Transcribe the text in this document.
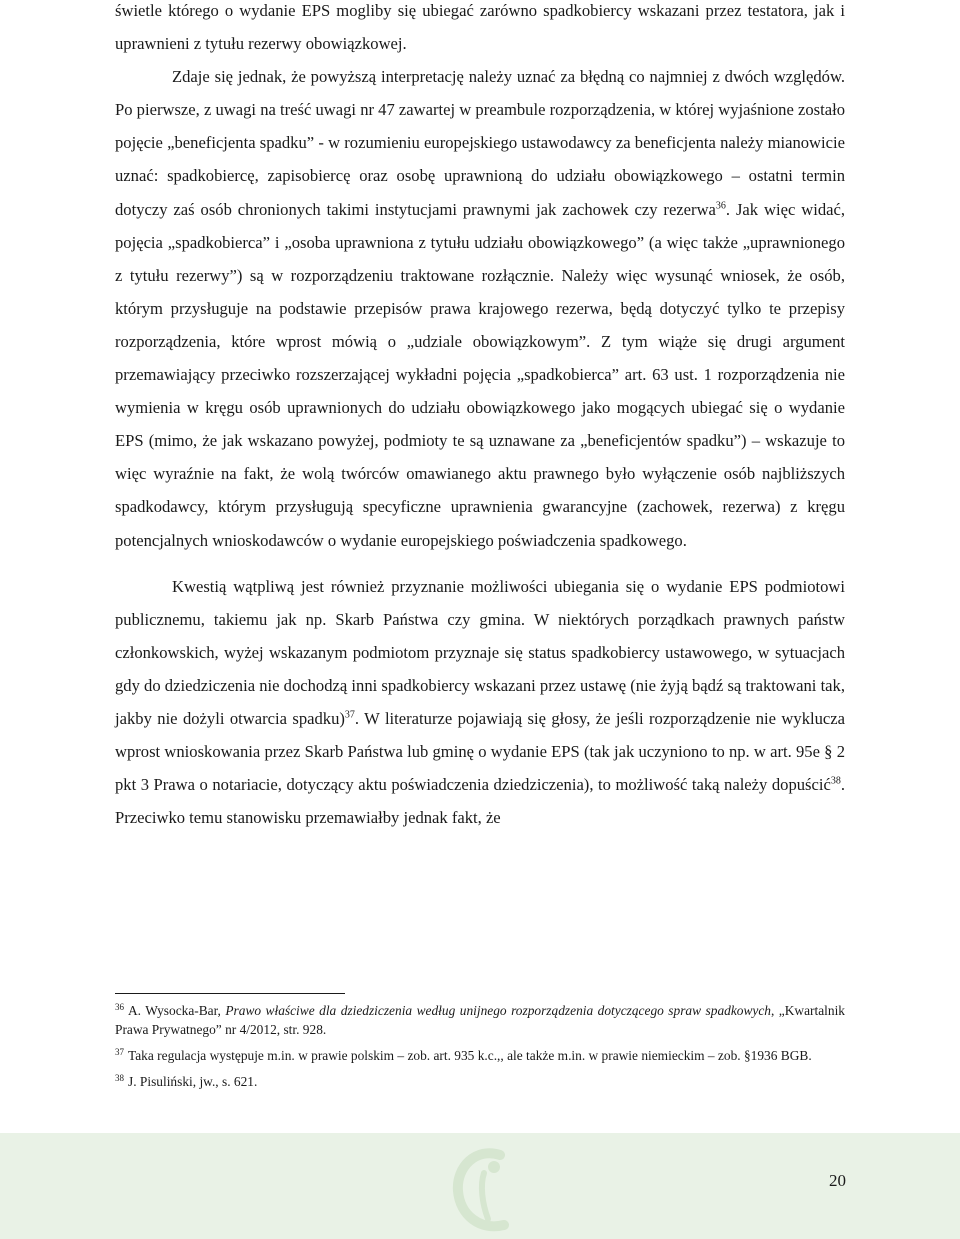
świetle którego o wydanie EPS mogliby się ubiegać zarówno spadkobiercy wskazani przez testatora, jak i uprawnieni z tytułu rezerwy obowiązkowej.

Zdaje się jednak, że powyższą interpretację należy uznać za błędną co najmniej z dwóch względów. Po pierwsze, z uwagi na treść uwagi nr 47 zawartej w preambule rozporządzenia, w której wyjaśnione zostało pojęcie „beneficjenta spadku” - w rozumieniu europejskiego ustawodawcy za beneficjenta należy mianowicie uznać: spadkobiercę, zapisobiercę oraz osobę uprawnioną do udziału obowiązkowego – ostatni termin dotyczy zaś osób chronionych takimi instytucjami prawnymi jak zachowek czy rezerwa$^{36}$. Jak więc widać, pojęcia „spadkobierca” i „osoba uprawniona z tytułu udziału obowiązkowego” (a więc także „uprawnionego z tytułu rezerwy”) są w rozporządzeniu traktowane rozłącznie. Należy więc wysunąć wniosek, że osób, którym przysługuje na podstawie przepisów prawa krajowego rezerwa, będą dotyczyć tylko te przepisy rozporządzenia, które wprost mówią o „udziale obowiązkowym”. Z tym wiąże się drugi argument przemawiający przeciwko rozszerzającej wykładni pojęcia „spadkobierca” art. 63 ust. 1 rozporządzenia nie wymienia w kręgu osób uprawnionych do udziału obowiązkowego jako mogących ubiegać się o wydanie EPS (mimo, że jak wskazano powyżej, podmioty te są uznawane za „beneficjentów spadku”) – wskazuje to więc wyraźnie na fakt, że wolą twórców omawianego aktu prawnego było wyłączenie osób najbliższych spadkodawcy, którym przysługują specyficzne uprawnienia gwarancyjne (zachowek, rezerwa) z kręgu potencjalnych wnioskodawców o wydanie europejskiego poświadczenia spadkowego.

Kwestią wątpliwą jest również przyznanie możliwości ubiegania się o wydanie EPS podmiotowi publicznemu, takiemu jak np. Skarb Państwa czy gmina. W niektórych porządkach prawnych państw członkowskich, wyżej wskazanym podmiotom przyznaje się status spadkobiercy ustawowego, w sytuacjach gdy do dziedziczenia nie dochodzą inni spadkobiercy wskazani przez ustawę (nie żyją bądź są traktowani tak, jakby nie dożyli otwarcia spadku)$^{37}$. W literaturze pojawiają się głosy, że jeśli rozporządzenie nie wyklucza wprost wnioskowania przez Skarb Państwa lub gminę o wydanie EPS (tak jak uczyniono to np. w art. 95e § 2 pkt 3 Prawa o notariacie, dotyczący aktu poświadczenia dziedziczenia), to możliwość taką należy dopuścić$^{38}$. Przeciwko temu stanowisku przemawiałby jednak fakt, że

$^{36}$ A. Wysocka-Bar, Prawo właściwe dla dziedziczenia według unijnego rozporządzenia dotyczącego spraw spadkowych, „Kwartalnik Prawa Prywatnego” nr 4/2012, str. 928.

$^{37}$ Taka regulacja występuje m.in. w prawie polskim – zob. art. 935 k.c.,, ale także m.in. w prawie niemieckim – zob. §1936 BGB.

$^{38}$ J. Pisuliński, jw., s. 621.

20
